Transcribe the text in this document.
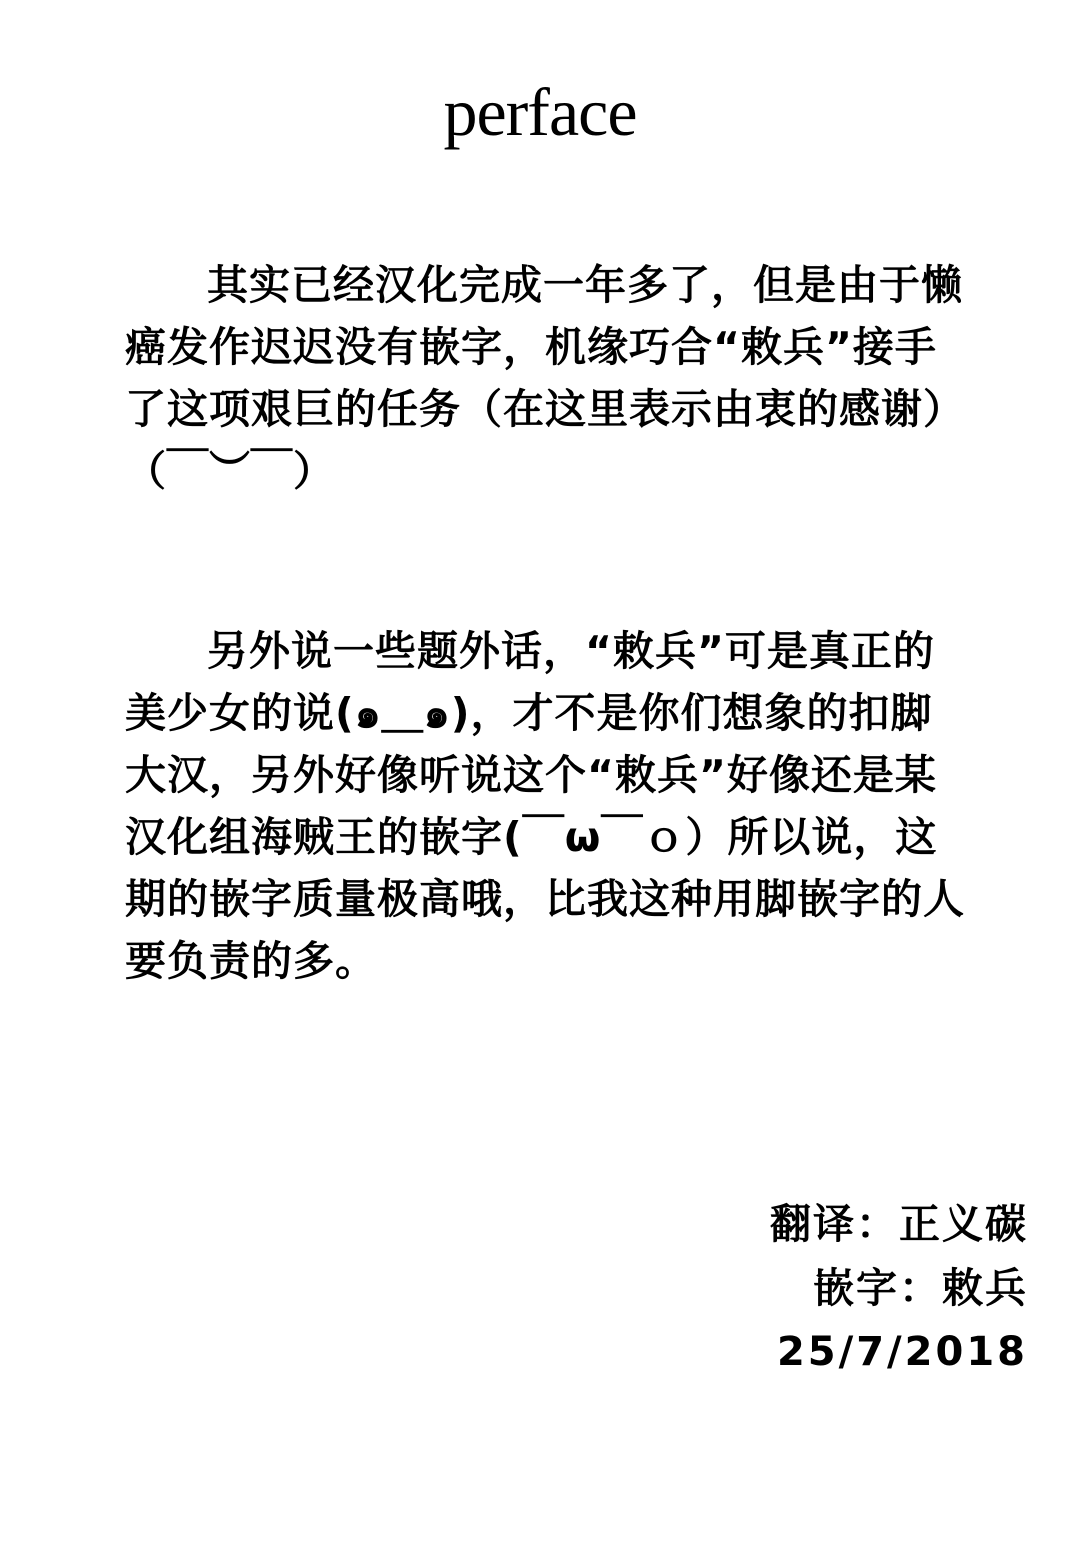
perface

其实已经汉化完成一年多了，但是由于懒癌发作迟迟没有嵌字，机缘巧合“敕兵”接手了这项艰巨的任务（在这里表示由衷的感谢）（￣︶￣）

另外说一些题外话，“敕兵”可是真正的美少女的说(๑＿๑)，才不是你们想象的扣脚大汉，另外好像听说这个“敕兵”好像还是某汉化组海贼王的嵌字(￣ω￣ｏ）所以说，这期的嵌字质量极高哦，比我这种用脚嵌字的人要负责的多。

翻译：正义碳
嵌字：敕兵
25/7/2018
